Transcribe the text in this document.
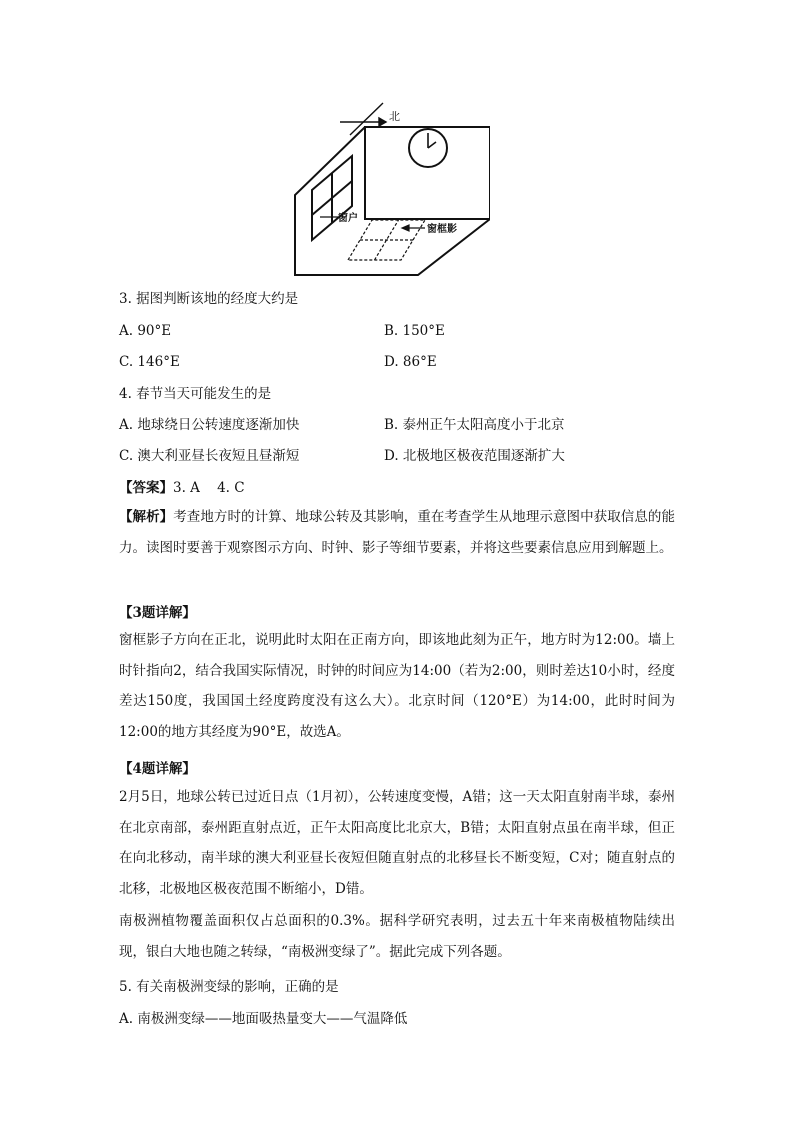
北
窗户
窗框影
3. 据图判断该地的经度大约是
A. 90°E	B. 150°E
C. 146°E	D. 86°E
4. 春节当天可能发生的是
A. 地球绕日公转速度逐渐加快	B. 泰州正午太阳高度小于北京
C. 澳大利亚昼长夜短且昼渐短	D. 北极地区极夜范围逐渐扩大
【答案】3. A    4. C
【解析】考查地方时的计算、地球公转及其影响，重在考查学生从地理示意图中获取信息的能力。读图时要善于观察图示方向、时钟、影子等细节要素，并将这些要素信息应用到解题上。
【3题详解】
窗框影子方向在正北，说明此时太阳在正南方向，即该地此刻为正午，地方时为12:00。墙上时针指向2，结合我国实际情况，时钟的时间应为14:00（若为2:00，则时差达10小时，经度差达150度，我国国土经度跨度没有这么大）。北京时间（120°E）为14:00，此时时间为12:00的地方其经度为90°E，故选A。
【4题详解】
2月5日，地球公转已过近日点（1月初），公转速度变慢，A错；这一天太阳直射南半球，泰州在北京南部，泰州距直射点近，正午太阳高度比北京大，B错；太阳直射点虽在南半球，但正在向北移动，南半球的澳大利亚昼长夜短但随直射点的北移昼长不断变短，C对；随直射点的北移，北极地区极夜范围不断缩小，D错。
南极洲植物覆盖面积仅占总面积的0.3%。据科学研究表明，过去五十年来南极植物陆续出现，银白大地也随之转绿，“南极洲变绿了”。据此完成下列各题。
5. 有关南极洲变绿的影响，正确的是
A. 南极洲变绿——地面吸热量变大——气温降低
